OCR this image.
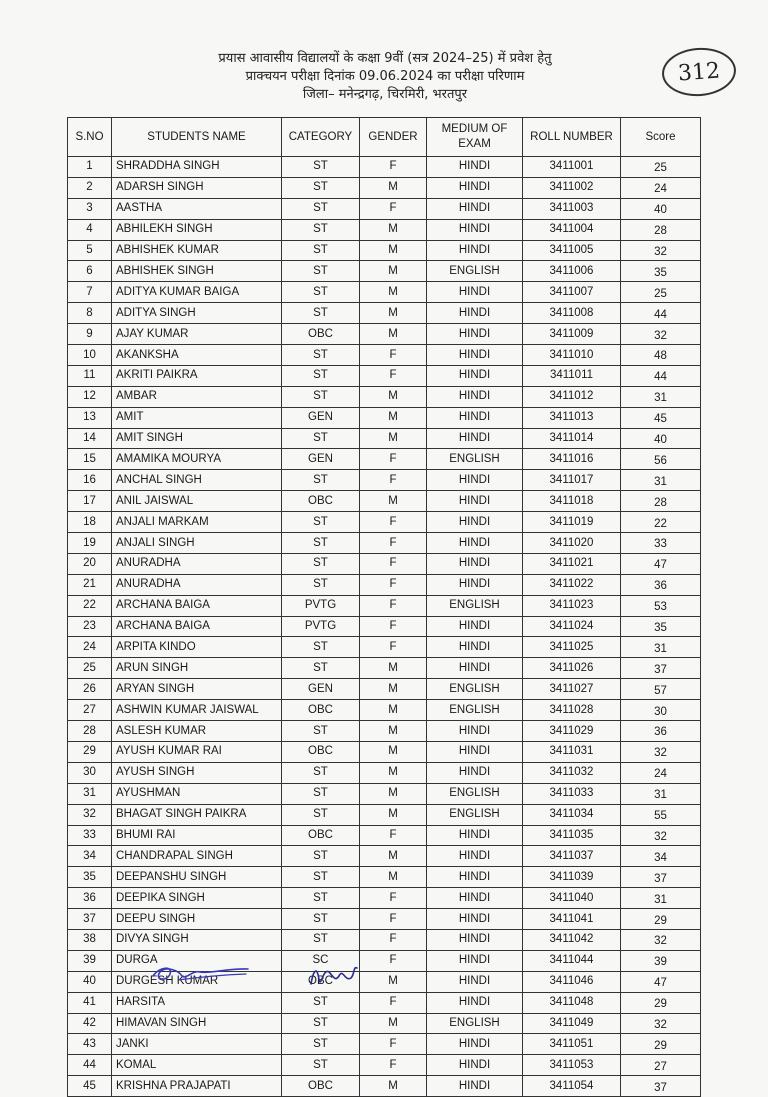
प्रयास आवासीय विद्यालयों के कक्षा 9वीं (सत्र 2024–25) में प्रवेश हेतु
प्राक्चयन परीक्षा दिनांक 09.06.2024 का परीक्षा परिणाम
जिला– मनेन्द्रगढ़, चिरमिरी, भरतपुर
312
S.NO	STUDENTS NAME	CATEGORY	GENDER	MEDIUM OF EXAM	ROLL NUMBER	Score
1	SHRADDHA SINGH	ST	F	HINDI	3411001	25
2	ADARSH SINGH	ST	M	HINDI	3411002	24
3	AASTHA	ST	F	HINDI	3411003	40
4	ABHILEKH SINGH	ST	M	HINDI	3411004	28
5	ABHISHEK KUMAR	ST	M	HINDI	3411005	32
6	ABHISHEK SINGH	ST	M	ENGLISH	3411006	35
7	ADITYA KUMAR BAIGA	ST	M	HINDI	3411007	25
8	ADITYA SINGH	ST	M	HINDI	3411008	44
9	AJAY KUMAR	OBC	M	HINDI	3411009	32
10	AKANKSHA	ST	F	HINDI	3411010	48
11	AKRITI PAIKRA	ST	F	HINDI	3411011	44
12	AMBAR	ST	M	HINDI	3411012	31
13	AMIT	GEN	M	HINDI	3411013	45
14	AMIT SINGH	ST	M	HINDI	3411014	40
15	AMAMIKA MOURYA	GEN	F	ENGLISH	3411016	56
16	ANCHAL SINGH	ST	F	HINDI	3411017	31
17	ANIL JAISWAL	OBC	M	HINDI	3411018	28
18	ANJALI MARKAM	ST	F	HINDI	3411019	22
19	ANJALI SINGH	ST	F	HINDI	3411020	33
20	ANURADHA	ST	F	HINDI	3411021	47
21	ANURADHA	ST	F	HINDI	3411022	36
22	ARCHANA BAIGA	PVTG	F	ENGLISH	3411023	53
23	ARCHANA BAIGA	PVTG	F	HINDI	3411024	35
24	ARPITA KINDO	ST	F	HINDI	3411025	31
25	ARUN SINGH	ST	M	HINDI	3411026	37
26	ARYAN SINGH	GEN	M	ENGLISH	3411027	57
27	ASHWIN KUMAR JAISWAL	OBC	M	ENGLISH	3411028	30
28	ASLESH KUMAR	ST	M	HINDI	3411029	36
29	AYUSH KUMAR RAI	OBC	M	HINDI	3411031	32
30	AYUSH SINGH	ST	M	HINDI	3411032	24
31	AYUSHMAN	ST	M	ENGLISH	3411033	31
32	BHAGAT SINGH PAIKRA	ST	M	ENGLISH	3411034	55
33	BHUMI RAI	OBC	F	HINDI	3411035	32
34	CHANDRAPAL SINGH	ST	M	HINDI	3411037	34
35	DEEPANSHU SINGH	ST	M	HINDI	3411039	37
36	DEEPIKA SINGH	ST	F	HINDI	3411040	31
37	DEEPU SINGH	ST	F	HINDI	3411041	29
38	DIVYA SINGH	ST	F	HINDI	3411042	32
39	DURGA	SC	F	HINDI	3411044	39
40	DURGESH KUMAR	OBC	M	HINDI	3411046	47
41	HARSITA	ST	F	HINDI	3411048	29
42	HIMAVAN SINGH	ST	M	ENGLISH	3411049	32
43	JANKI	ST	F	HINDI	3411051	29
44	KOMAL	ST	F	HINDI	3411053	27
45	KRISHNA PRAJAPATI	OBC	M	HINDI	3411054	37
